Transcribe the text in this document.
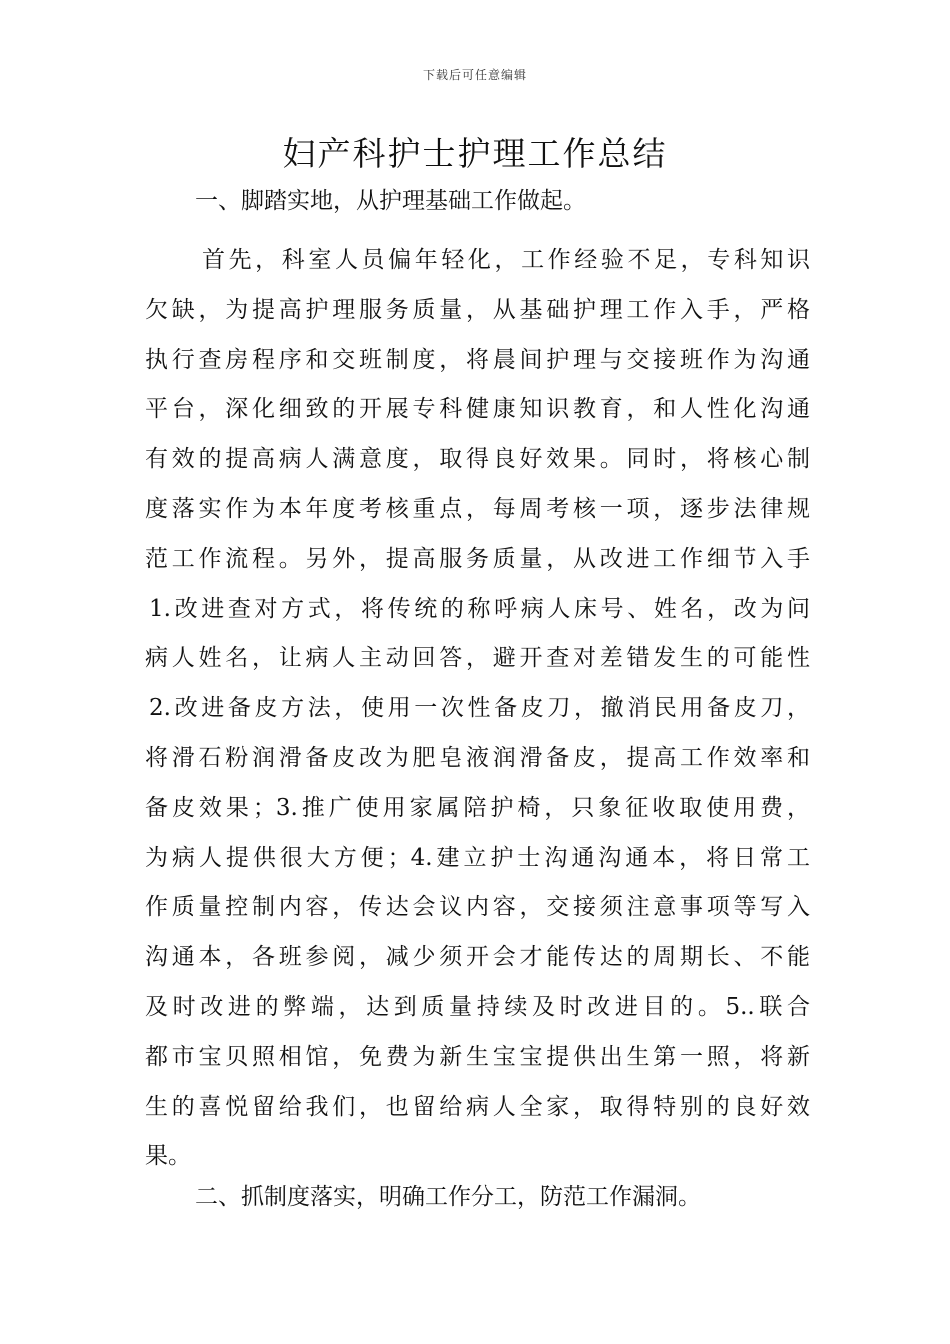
下载后可任意编辑
妇产科护士护理工作总结
一、脚踏实地，从护理基础工作做起。
首先，科室人员偏年轻化，工作经验不足，专科知识
欠缺，为提高护理服务质量，从基础护理工作入手，严格
执行查房程序和交班制度，将晨间护理与交接班作为沟通
平台，深化细致的开展专科健康知识教育，和人性化沟通
有效的提高病人满意度，取得良好效果。同时，将核心制
度落实作为本年度考核重点，每周考核一项，逐步法律规
范工作流程。另外，提高服务质量，从改进工作细节入手
1.改进查对方式，将传统的称呼病人床号、姓名，改为问
病人姓名，让病人主动回答，避开查对差错发生的可能性
2.改进备皮方法，使用一次性备皮刀，撤消民用备皮刀，
将滑石粉润滑备皮改为肥皂液润滑备皮，提高工作效率和
备皮效果；3.推广使用家属陪护椅，只象征收取使用费，
为病人提供很大方便；4.建立护士沟通沟通本，将日常工
作质量控制内容，传达会议内容，交接须注意事项等写入
沟通本，各班参阅，减少须开会才能传达的周期长、不能
及时改进的弊端，达到质量持续及时改进目的。5..联合
都市宝贝照相馆，免费为新生宝宝提供出生第一照，将新
生的喜悦留给我们，也留给病人全家，取得特别的良好效
果。
二、抓制度落实，明确工作分工，防范工作漏洞。
